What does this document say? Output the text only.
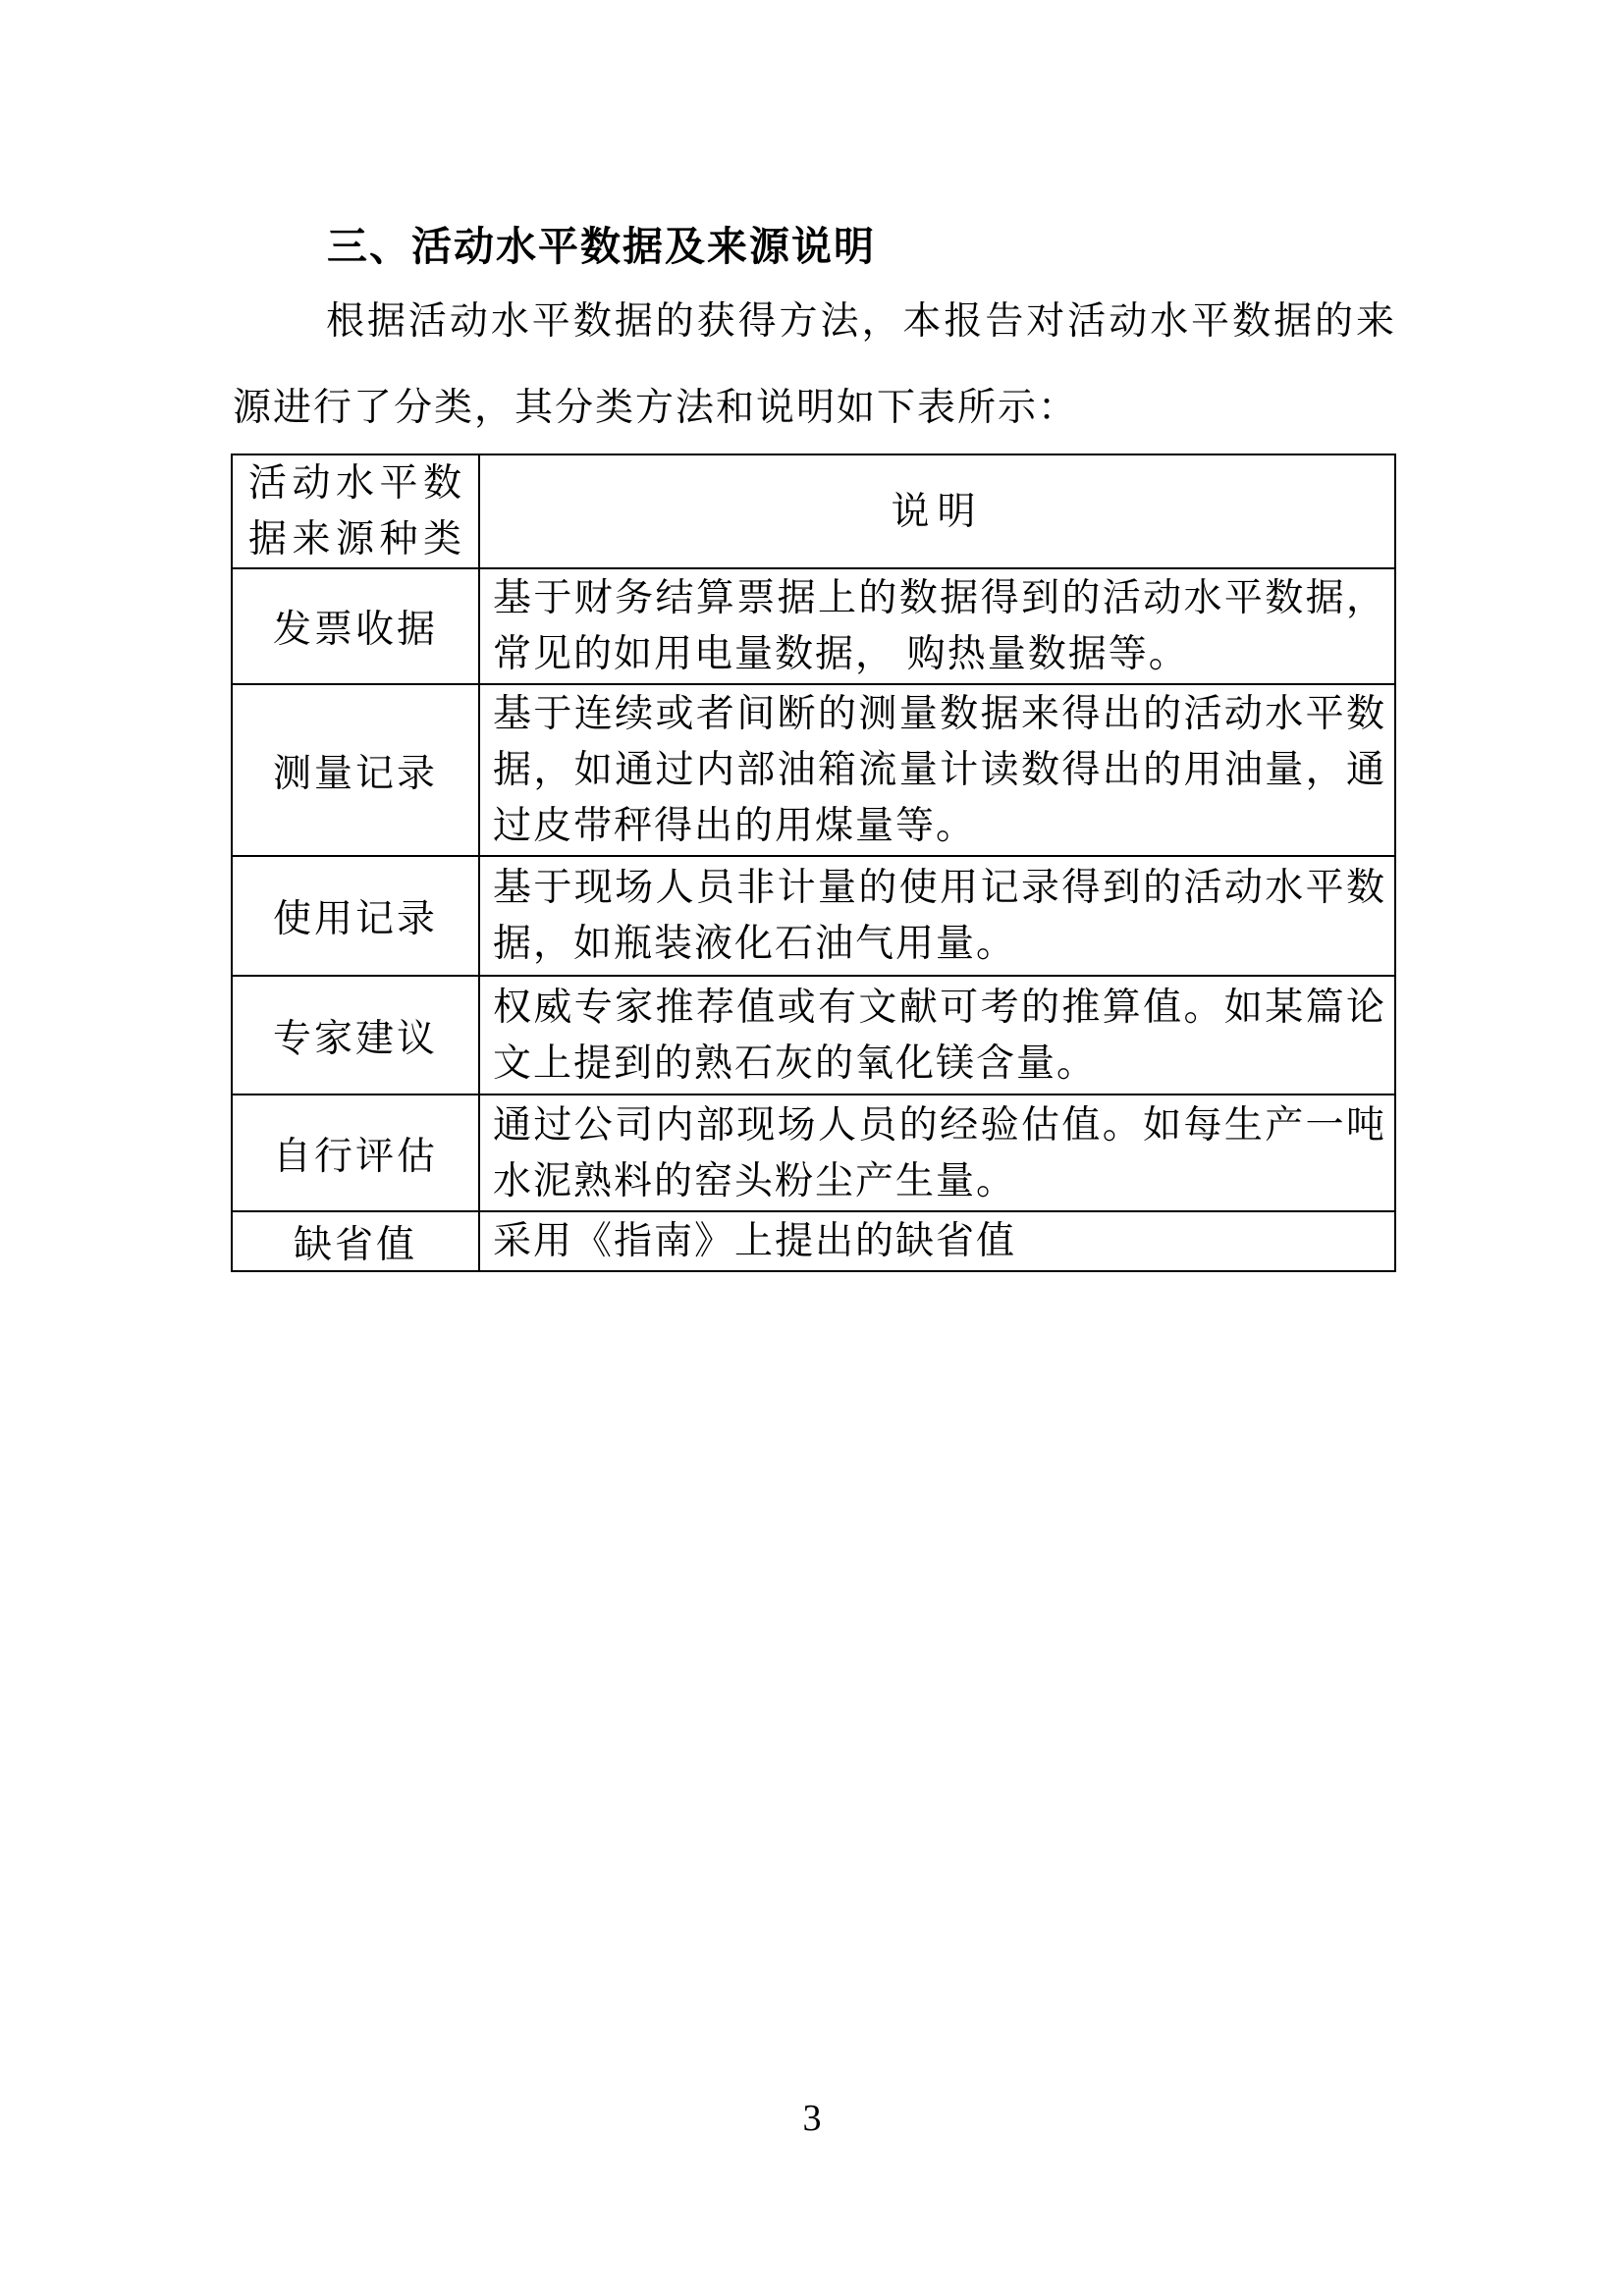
三、活动水平数据及来源说明
根据活动水平数据的获得方法，本报告对活动水平数据的来源进行了分类，其分类方法和说明如下表所示：
活动水平数据来源种类	说明
发票收据	基于财务结算票据上的数据得到的活动水平数据，常见的如用电量数据， 购热量数据等。
测量记录	基于连续或者间断的测量数据来得出的活动水平数据，如通过内部油箱流量计读数得出的用油量，通过皮带秤得出的用煤量等。
使用记录	基于现场人员非计量的使用记录得到的活动水平数据，如瓶装液化石油气用量。
专家建议	权威专家推荐值或有文献可考的推算值。如某篇论文上提到的熟石灰的氧化镁含量。
自行评估	通过公司内部现场人员的经验估值。如每生产一吨水泥熟料的窑头粉尘产生量。
缺省值	采用《指南》上提出的缺省值
3
